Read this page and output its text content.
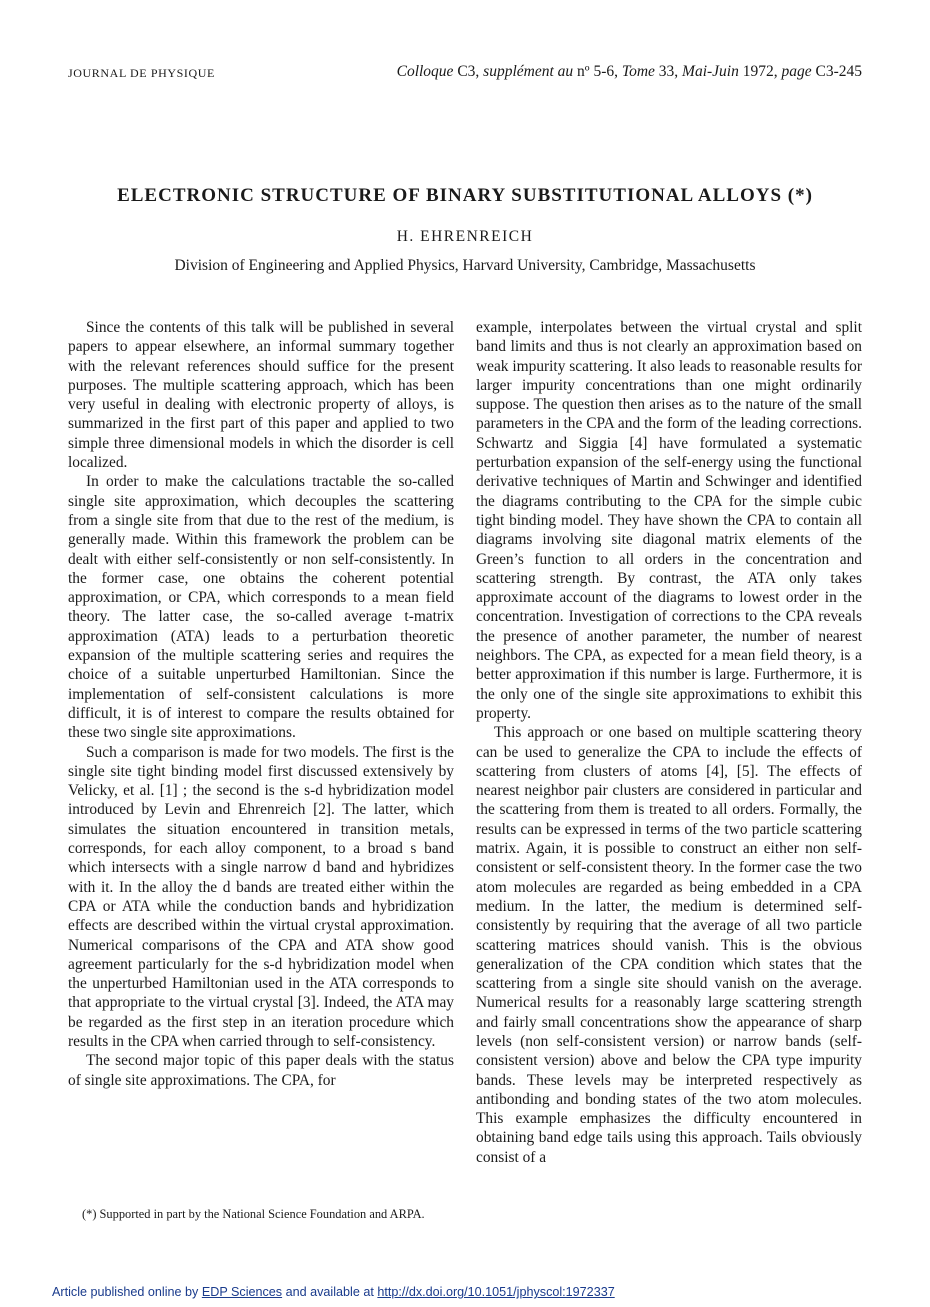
JOURNAL DE PHYSIQUE	Colloque C3, supplément au nº 5-6, Tome 33, Mai-Juin 1972, page C3-245
ELECTRONIC STRUCTURE OF BINARY SUBSTITUTIONAL ALLOYS (*)
H. EHRENREICH
Division of Engineering and Applied Physics, Harvard University, Cambridge, Massachusetts

Since the contents of this talk will be published in several papers to appear elsewhere, an informal summary together with the relevant references should suffice for the present purposes. The multiple scattering approach, which has been very useful in dealing with electronic property of alloys, is summarized in the first part of this paper and applied to two simple three dimensional models in which the disorder is cell localized.

In order to make the calculations tractable the so-called single site approximation, which decouples the scattering from a single site from that due to the rest of the medium, is generally made. Within this framework the problem can be dealt with either self-consistently or non self-consistently. In the former case, one obtains the coherent potential approximation, or CPA, which corresponds to a mean field theory. The latter case, the so-called average t-matrix approximation (ATA) leads to a perturbation theoretic expansion of the multiple scattering series and requires the choice of a suitable unperturbed Hamiltonian. Since the implementation of self-consistent calculations is more difficult, it is of interest to compare the results obtained for these two single site approximations.

Such a comparison is made for two models. The first is the single site tight binding model first discussed extensively by Velicky, et al. [1] ; the second is the s-d hybridization model introduced by Levin and Ehrenreich [2]. The latter, which simulates the situation encountered in transition metals, corresponds, for each alloy component, to a broad s band which intersects with a single narrow d band and hybridizes with it. In the alloy the d bands are treated either within the CPA or ATA while the conduction bands and hybridization effects are described within the virtual crystal approximation. Numerical comparisons of the CPA and ATA show good agreement particularly for the s-d hybridization model when the unperturbed Hamiltonian used in the ATA corresponds to that appropriate to the virtual crystal [3]. Indeed, the ATA may be regarded as the first step in an iteration procedure which results in the CPA when carried through to self-consistency.

The second major topic of this paper deals with the status of single site approximations. The CPA, for

example, interpolates between the virtual crystal and split band limits and thus is not clearly an approximation based on weak impurity scattering. It also leads to reasonable results for larger impurity concentrations than one might ordinarily suppose. The question then arises as to the nature of the small parameters in the CPA and the form of the leading corrections. Schwartz and Siggia [4] have formulated a systematic perturbation expansion of the self-energy using the functional derivative techniques of Martin and Schwinger and identified the diagrams contributing to the CPA for the simple cubic tight binding model. They have shown the CPA to contain all diagrams involving site diagonal matrix elements of the Green’s function to all orders in the concentration and scattering strength. By contrast, the ATA only takes approximate account of the diagrams to lowest order in the concentration. Investigation of corrections to the CPA reveals the presence of another parameter, the number of nearest neighbors. The CPA, as expected for a mean field theory, is a better approximation if this number is large. Furthermore, it is the only one of the single site approximations to exhibit this property.

This approach or one based on multiple scattering theory can be used to generalize the CPA to include the effects of scattering from clusters of atoms [4], [5]. The effects of nearest neighbor pair clusters are considered in particular and the scattering from them is treated to all orders. Formally, the results can be expressed in terms of the two particle scattering matrix. Again, it is possible to construct an either non self-consistent or self-consistent theory. In the former case the two atom molecules are regarded as being embedded in a CPA medium. In the latter, the medium is determined self-consistently by requiring that the average of all two particle scattering matrices should vanish. This is the obvious generalization of the CPA condition which states that the scattering from a single site should vanish on the average. Numerical results for a reasonably large scattering strength and fairly small concentrations show the appearance of sharp levels (non self-consistent version) or narrow bands (self-consistent version) above and below the CPA type impurity bands. These levels may be interpreted respectively as antibonding and bonding states of the two atom molecules. This example emphasizes the difficulty encountered in obtaining band edge tails using this approach. Tails obviously consist of a

(*) Supported in part by the National Science Foundation and ARPA.

Article published online by EDP Sciences and available at http://dx.doi.org/10.1051/jphyscol:1972337
